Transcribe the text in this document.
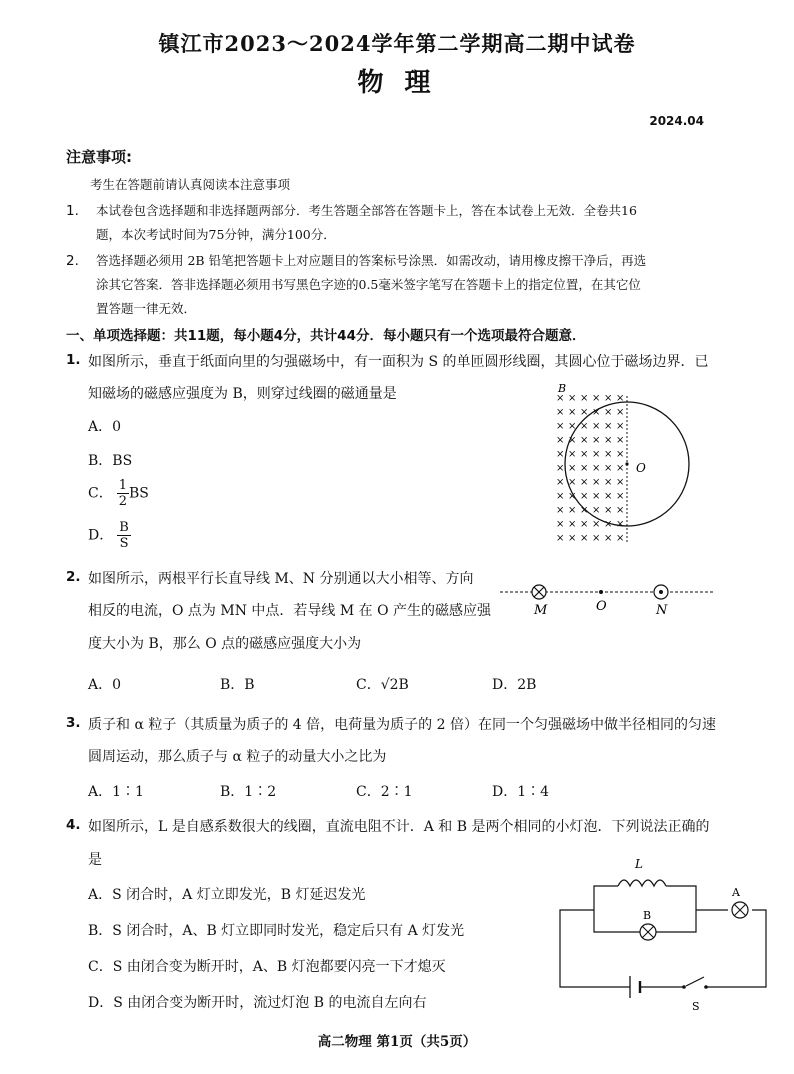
镇江市2023～2024学年第二学期高二期中试卷
物 理
2024.04
注意事项:
考生在答题前请认真阅读本注意事项
1. 本试卷包含选择题和非选择题两部分．考生答题全部答在答题卡上，答在本试卷上无效．全卷共16
题，本次考试时间为75分钟，满分100分．
2. 答选择题必须用 2B 铅笔把答题卡上对应题目的答案标号涂黑．如需改动，请用橡皮擦干净后，再选
涂其它答案．答非选择题必须用书写黑色字迹的0.5毫米签字笔写在答题卡上的指定位置，在其它位
置答题一律无效．
一、单项选择题：共11题，每小题4分，共计44分．每小题只有一个选项最符合题意．
1. 如图所示，垂直于纸面向里的匀强磁场中，有一面积为 S 的单匝圆形线圈，其圆心位于磁场边界．已
知磁场的磁感应强度为 B，则穿过线圈的磁通量是
A．0
B．BS
C． $\frac{1}{2}$ BS
D． $\frac{B}{S}$
× × × × × ×
× × × × × ×
× × × × × ×
× × × × × ×
× × × × × ×
× × × × × ×
× × × × × ×
× × × × × ×
× × × × × ×
× × × × × ×
× × × × × ×
B
O
2. 如图所示，两根平行长直导线 M、N 分别通以大小相等、方向
相反的电流，O 点为 MN 中点．若导线 M 在 O 产生的磁感应强
度大小为 B，那么 O 点的磁感应强度大小为
A．0	B．B	C．√2B	D．2B
M	O	N
3. 质子和 α 粒子（其质量为质子的 4 倍，电荷量为质子的 2 倍）在同一个匀强磁场中做半径相同的匀速
圆周运动，那么质子与 α 粒子的动量大小之比为
A．1∶1	B．1∶2	C．2∶1	D．1∶4
4. 如图所示，L 是自感系数很大的线圈，直流电阻不计．A 和 B 是两个相同的小灯泡．下列说法正确的
是
A．S 闭合时，A 灯立即发光，B 灯延迟发光
B．S 闭合时，A、B 灯立即同时发光，稳定后只有 A 灯发光
C．S 由闭合变为断开时，A、B 灯泡都要闪亮一下才熄灭
D．S 由闭合变为断开时，流过灯泡 B 的电流自左向右
L
B
A
S
高二物理 第1页（共5页）
